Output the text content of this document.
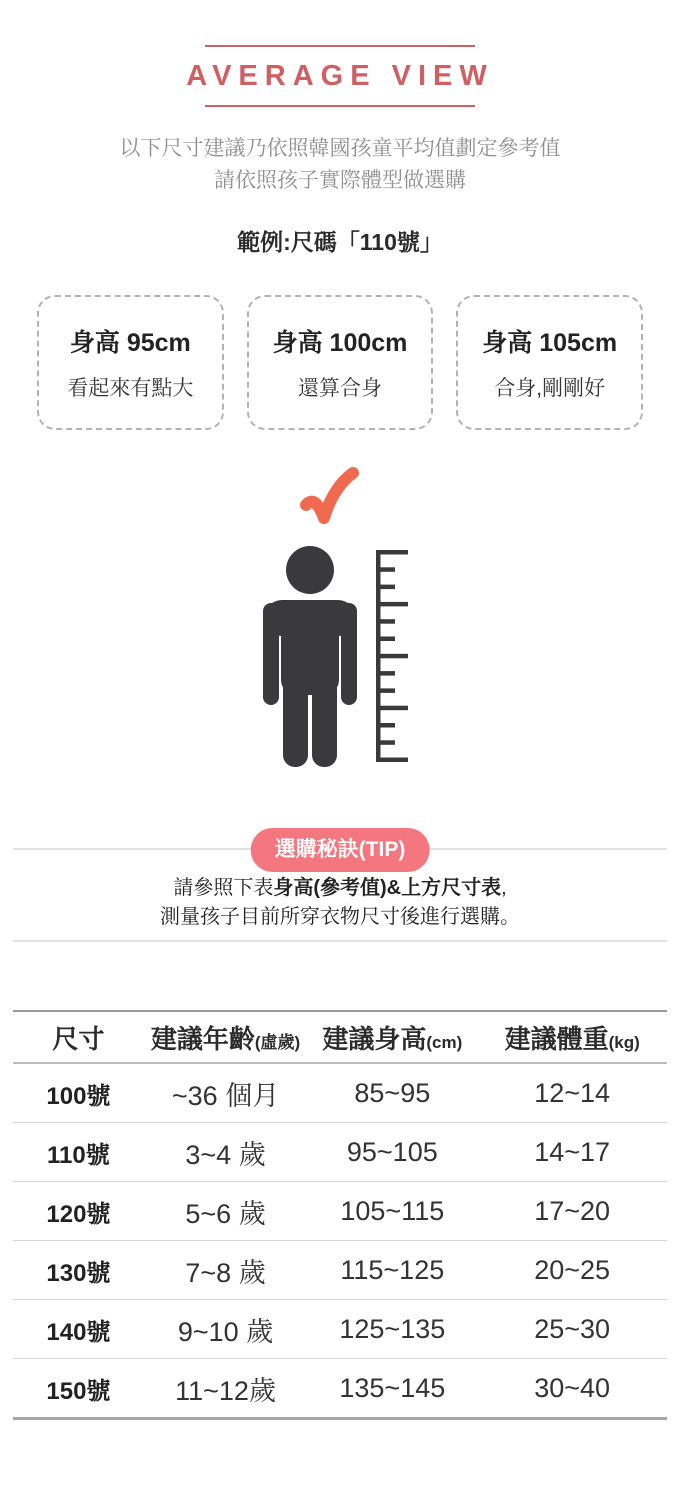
AVERAGE VIEW
以下尺寸建議乃依照韓國孩童平均值劃定參考值
請依照孩子實際體型做選購
範例:尺碼「110號」
身高 95cm
看起來有點大
身高 100cm
還算合身
身高 105cm
合身,剛剛好
選購秘訣(TIP)
請參照下表身高(參考值)&上方尺寸表,
測量孩子目前所穿衣物尺寸後進行選購。
尺寸	建議年齡(虛歲)	建議身高(cm)	建議體重(kg)
100號	~36 個月	85~95	12~14
110號	3~4 歲	95~105	14~17
120號	5~6 歲	105~115	17~20
130號	7~8 歲	115~125	20~25
140號	9~10 歲	125~135	25~30
150號	11~12歲	135~145	30~40
